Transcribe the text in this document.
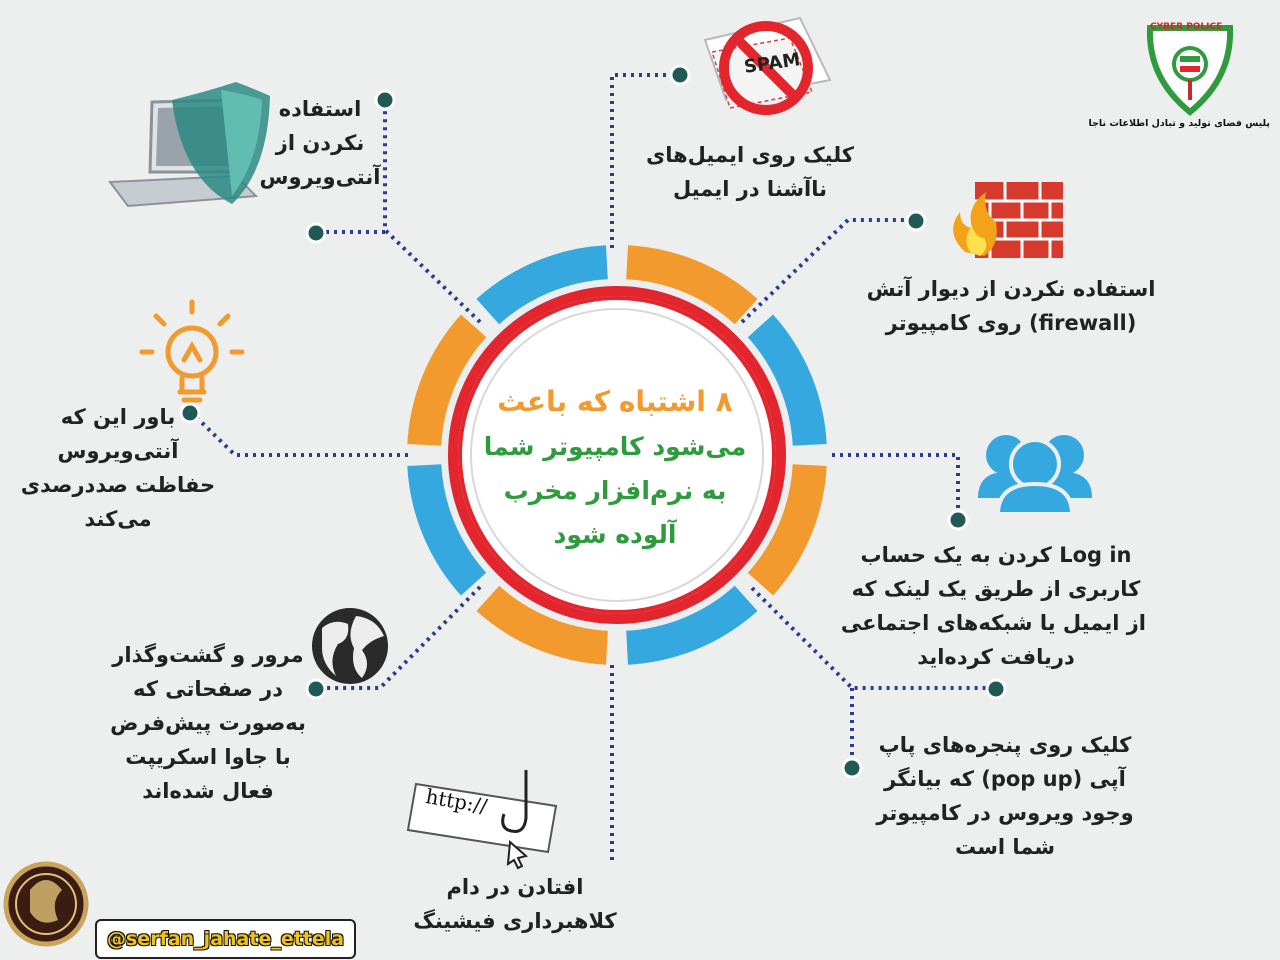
SPAM
http://
CYBER POLICE
پلیس فضای تولید و تبادل اطلاعات ناجا
۸ اشتباه که باعث
می‌شود کامپیوتر شما
به نرم‌افزار مخرب
آلوده شود
استفاده
نکردن از
آنتی‌ویروس
کلیک روی ایمیل‌های
ناآشنا در ایمیل
استفاده نکردن از دیوار آتش
(firewall) روی کامپیوتر
باور این که
آنتی‌ویروس
حفاظت صددرصدی
می‌کند
Log in کردن به یک حساب
کاربری از طریق یک لینک که
از ایمیل یا شبکه‌های اجتماعی
دریافت کرده‌اید
مرور و گشت‌وگذار
در صفحاتی که
به‌صورت پیش‌فرض
با جاوا اسکریپت
فعال شده‌اند
کلیک روی پنجره‌های پاپ
آپی (pop up) که بیانگر
وجود ویروس در کامپیوتر
شما است
افتادن در دام
کلاهبرداری فیشینگ
@serfan_jahate_ettela
